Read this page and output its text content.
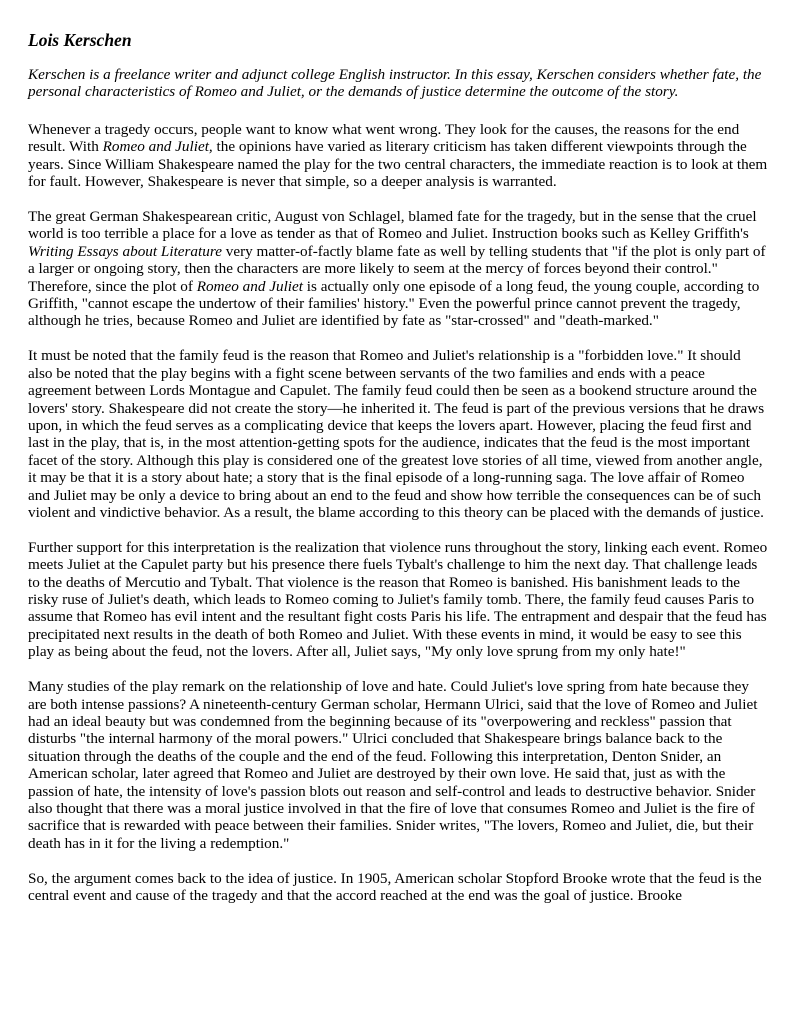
Lois Kerschen
Kerschen is a freelance writer and adjunct college English instructor. In this essay, Kerschen considers whether fate, the personal characteristics of Romeo and Juliet, or the demands of justice determine the outcome of the story.

Whenever a tragedy occurs, people want to know what went wrong. They look for the causes, the reasons for the end result. With Romeo and Juliet, the opinions have varied as literary criticism has taken different viewpoints through the years. Since William Shakespeare named the play for the two central characters, the immediate reaction is to look at them for fault. However, Shakespeare is never that simple, so a deeper analysis is warranted.

The great German Shakespearean critic, August von Schlagel, blamed fate for the tragedy, but in the sense that the cruel world is too terrible a place for a love as tender as that of Romeo and Juliet. Instruction books such as Kelley Griffith's Writing Essays about Literature very matter-of-factly blame fate as well by telling students that "if the plot is only part of a larger or ongoing story, then the characters are more likely to seem at the mercy of forces beyond their control." Therefore, since the plot of Romeo and Juliet is actually only one episode of a long feud, the young couple, according to Griffith, "cannot escape the undertow of their families' history." Even the powerful prince cannot prevent the tragedy, although he tries, because Romeo and Juliet are identified by fate as "star-crossed" and "death-marked."

It must be noted that the family feud is the reason that Romeo and Juliet's relationship is a "forbidden love." It should also be noted that the play begins with a fight scene between servants of the two families and ends with a peace agreement between Lords Montague and Capulet. The family feud could then be seen as a bookend structure around the lovers' story. Shakespeare did not create the story—he inherited it. The feud is part of the previous versions that he draws upon, in which the feud serves as a complicating device that keeps the lovers apart. However, placing the feud first and last in the play, that is, in the most attention-getting spots for the audience, indicates that the feud is the most important facet of the story. Although this play is considered one of the greatest love stories of all time, viewed from another angle, it may be that it is a story about hate; a story that is the final episode of a long-running saga. The love affair of Romeo and Juliet may be only a device to bring about an end to the feud and show how terrible the consequences can be of such violent and vindictive behavior. As a result, the blame according to this theory can be placed with the demands of justice.

Further support for this interpretation is the realization that violence runs throughout the story, linking each event. Romeo meets Juliet at the Capulet party but his presence there fuels Tybalt's challenge to him the next day. That challenge leads to the deaths of Mercutio and Tybalt. That violence is the reason that Romeo is banished. His banishment leads to the risky ruse of Juliet's death, which leads to Romeo coming to Juliet's family tomb. There, the family feud causes Paris to assume that Romeo has evil intent and the resultant fight costs Paris his life. The entrapment and despair that the feud has precipitated next results in the death of both Romeo and Juliet. With these events in mind, it would be easy to see this play as being about the feud, not the lovers. After all, Juliet says, "My only love sprung from my only hate!"

Many studies of the play remark on the relationship of love and hate. Could Juliet's love spring from hate because they are both intense passions? A nineteenth-century German scholar, Hermann Ulrici, said that the love of Romeo and Juliet had an ideal beauty but was condemned from the beginning because of its "overpowering and reckless" passion that disturbs "the internal harmony of the moral powers." Ulrici concluded that Shakespeare brings balance back to the situation through the deaths of the couple and the end of the feud. Following this interpretation, Denton Snider, an American scholar, later agreed that Romeo and Juliet are destroyed by their own love. He said that, just as with the passion of hate, the intensity of love's passion blots out reason and self-control and leads to destructive behavior. Snider also thought that there was a moral justice involved in that the fire of love that consumes Romeo and Juliet is the fire of sacrifice that is rewarded with peace between their families. Snider writes, "The lovers, Romeo and Juliet, die, but their death has in it for the living a redemption."

So, the argument comes back to the idea of justice. In 1905, American scholar Stopford Brooke wrote that the feud is the central event and cause of the tragedy and that the accord reached at the end was the goal of justice. Brooke
